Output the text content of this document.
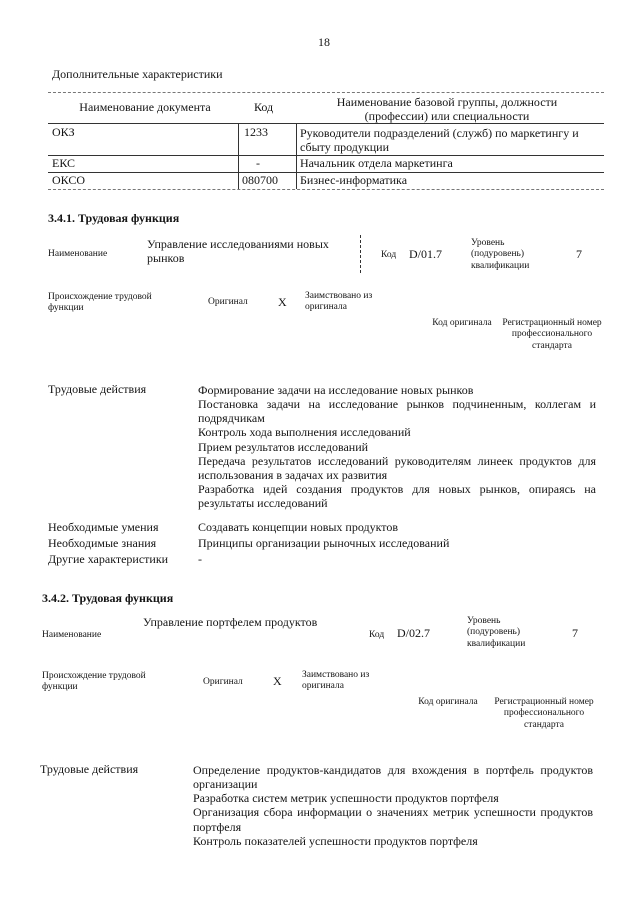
18
Дополнительные характеристики
Наименование документа	Код	Наименование базовой группы, должности (профессии) или специальности
ОКЗ	1233	Руководители подразделений (служб) по маркетингу и сбыту продукции
ЕКС	-	Начальник отдела маркетинга
ОКСО	080700 Бизнес-информатика
3.4.1. Трудовая функция
Наименование
Управление исследованиями новых рынков	Код D/01.7
Уровень (подуровень) квалификации
7
Происхождение трудовой функции
Оригинал	X Заимствовано из оригинала
Код оригинала Регистрационный номер профессионального стандарта
Трудовые действия	Формирование задачи на исследование новых рынков
Постановка задачи на исследование рынков подчиненным, коллегам и подрядчикам
Контроль хода выполнения исследований
Прием результатов исследований
Передача результатов исследований руководителям линеек продуктов для использования в задачах их развития
Разработка идей создания продуктов для новых рынков, опираясь на результаты исследований
Необходимые умения	Создавать концепции новых продуктов
Необходимые знания	Принципы организации рыночных исследований
Другие характеристики -
3.4.2. Трудовая функция
Наименование
Управление портфелем продуктов
Код D/02.7
Уровень (подуровень) квалификации
7
Происхождение трудовой функции
Оригинал	X Заимствовано из оригинала
Код оригинала Регистрационный номер профессионального стандарта
Трудовые действия	Определение продуктов-кандидатов для вхождения в портфель продуктов организации
Разработка систем метрик успешности продуктов портфеля
Организация сбора информации о значениях метрик успешности продуктов портфеля
Контроль показателей успешности продуктов портфеля
